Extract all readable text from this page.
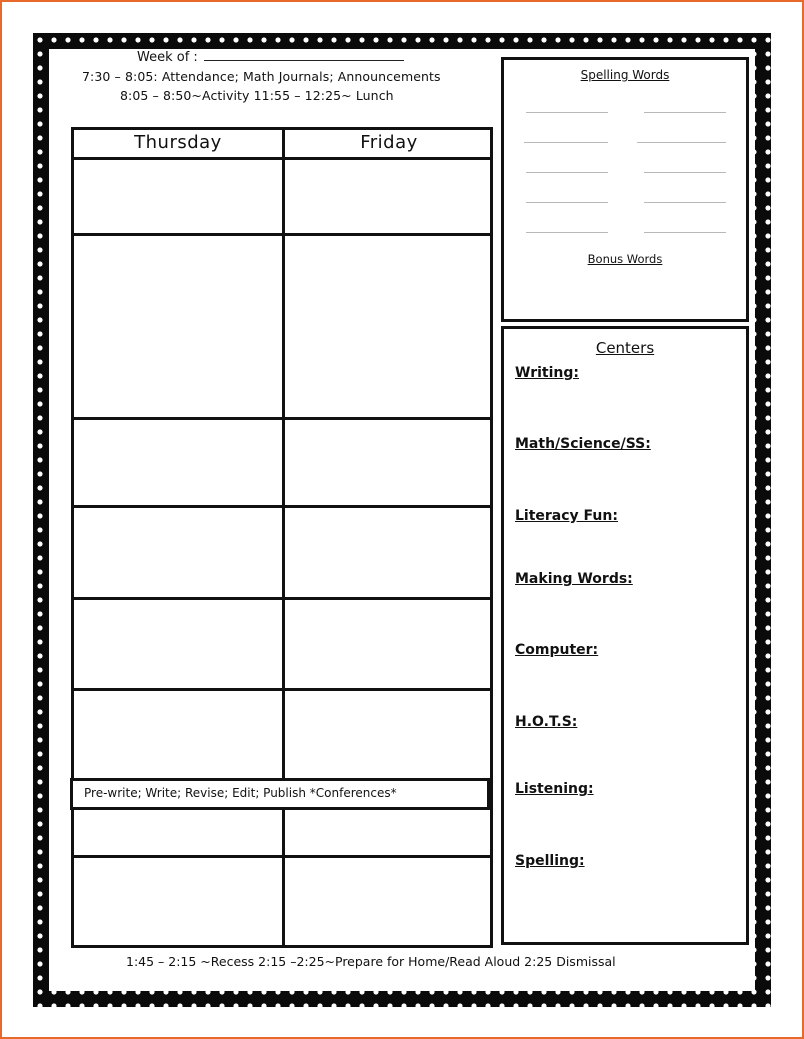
Week of :
7:30 – 8:05: Attendance; Math Journals; Announcements
8:05 – 8:50~Activity 11:55 – 12:25~ Lunch
Thursday	Friday
Pre-write; Write; Revise; Edit; Publish *Conferences*
Spelling Words
Bonus Words
Centers
Writing:
Math/Science/SS:
Literacy Fun:
Making Words:
Computer:
H.O.T.S:
Listening:
Spelling:
1:45 – 2:15 ~Recess 2:15 –2:25~Prepare for Home/Read Aloud 2:25 Dismissal
